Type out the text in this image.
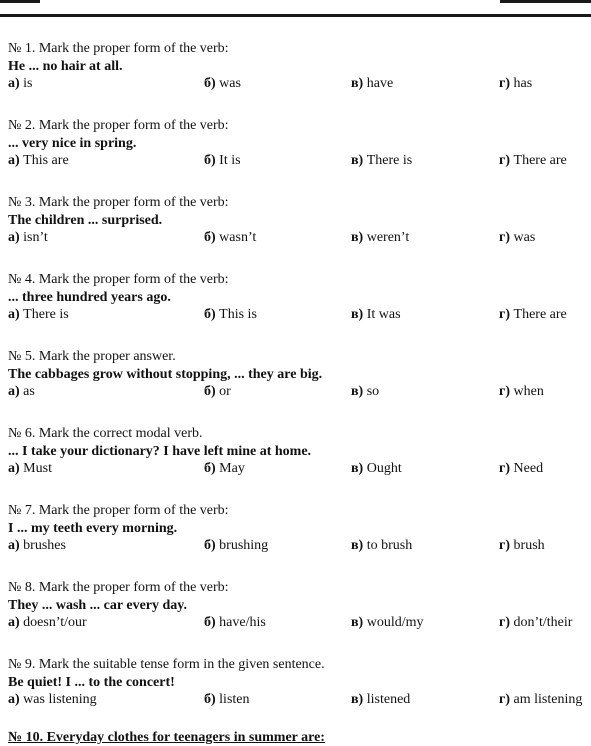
№ 1. Mark the proper form of the verb:
He ... no hair at all.
а) is	б) was	в) have	г) has
№ 2. Mark the proper form of the verb:
... very nice in spring.
а) This are	б) It is	в) There is	г) There are
№ 3. Mark the proper form of the verb:
The children ... surprised.
а) isn’t	б) wasn’t	в) weren’t	г) was
№ 4. Mark the proper form of the verb:
... three hundred years ago.
а) There is	б) This is	в) It was	г) There are
№ 5. Mark the proper answer.
The cabbages grow without stopping, ... they are big.
а) as	б) or	в) so	г) when
№ 6. Mark the correct modal verb.
... I take your dictionary? I have left mine at home.
а) Must	б) May	в) Ought	г) Need
№ 7. Mark the proper form of the verb:
I ... my teeth every morning.
а) brushes	б) brushing	в) to brush	г) brush
№ 8. Mark the proper form of the verb:
They ... wash ... car every day.
а) doesn’t/our	б) have/his	в) would/my	г) don’t/their
№ 9. Mark the suitable tense form in the given sentence.
Be quiet! I ... to the concert!
а) was listening	б) listen	в) listened	г) am listening
№ 10. Everyday clothes for teenagers in summer are:
